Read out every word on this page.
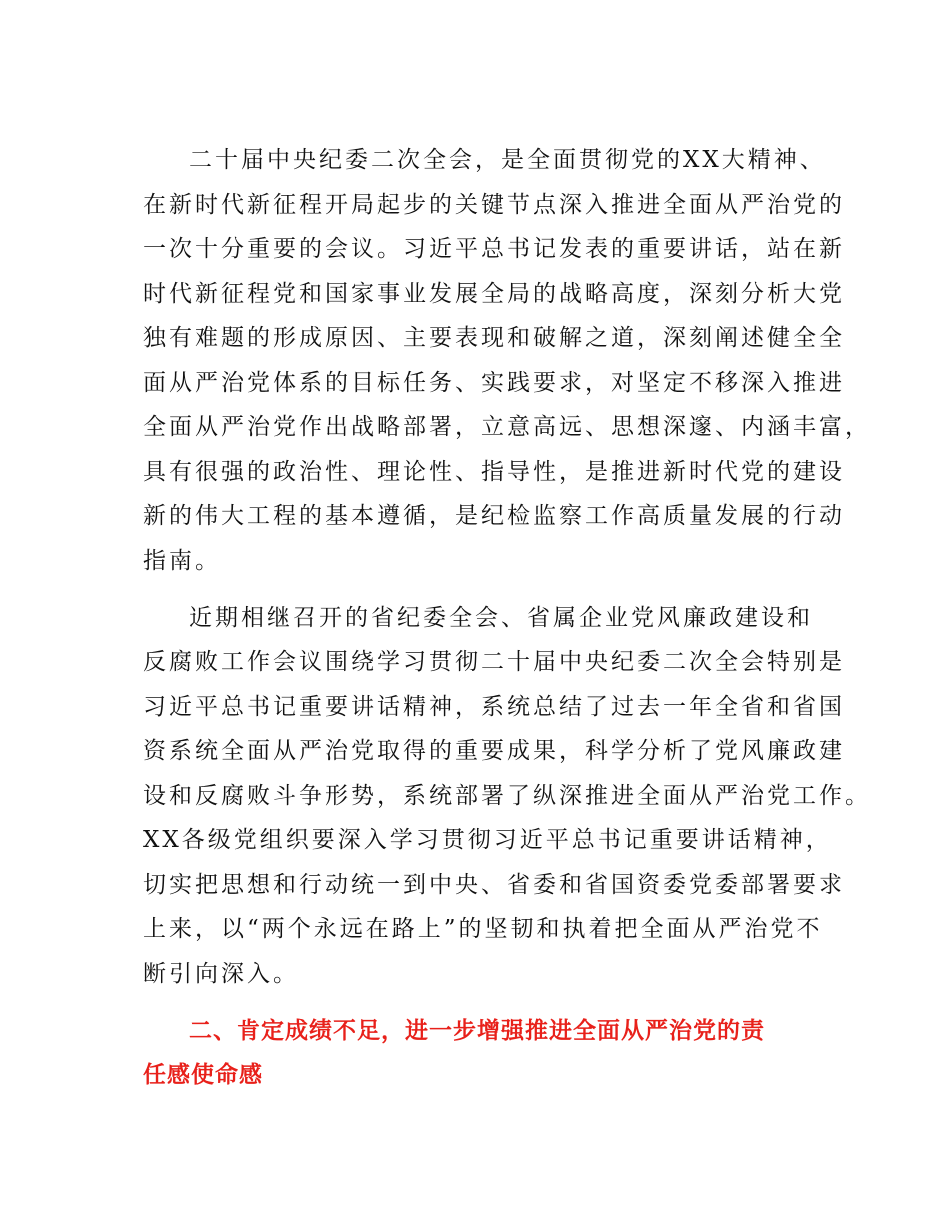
二十届中央纪委二次全会，是全面贯彻党的XX大精神、

在新时代新征程开局起步的关键节点深入推进全面从严治党的

一次十分重要的会议。习近平总书记发表的重要讲话，站在新

时代新征程党和国家事业发展全局的战略高度，深刻分析大党

独有难题的形成原因、主要表现和破解之道，深刻阐述健全全

面从严治党体系的目标任务、实践要求，对坚定不移深入推进

全面从严治党作出战略部署，立意高远、思想深邃、内涵丰富，

具有很强的政治性、理论性、指导性，是推进新时代党的建设

新的伟大工程的基本遵循，是纪检监察工作高质量发展的行动

指南。

近期相继召开的省纪委全会、省属企业党风廉政建设和

反腐败工作会议围绕学习贯彻二十届中央纪委二次全会特别是

习近平总书记重要讲话精神，系统总结了过去一年全省和省国

资系统全面从严治党取得的重要成果，科学分析了党风廉政建

设和反腐败斗争形势，系统部署了纵深推进全面从严治党工作。

XX各级党组织要深入学习贯彻习近平总书记重要讲话精神，

切实把思想和行动统一到中央、省委和省国资委党委部署要求

上来，以“两个永远在路上”的坚韧和执着把全面从严治党不

断引向深入。

二、肯定成绩不足，进一步增强推进全面从严治党的责

任感使命感
